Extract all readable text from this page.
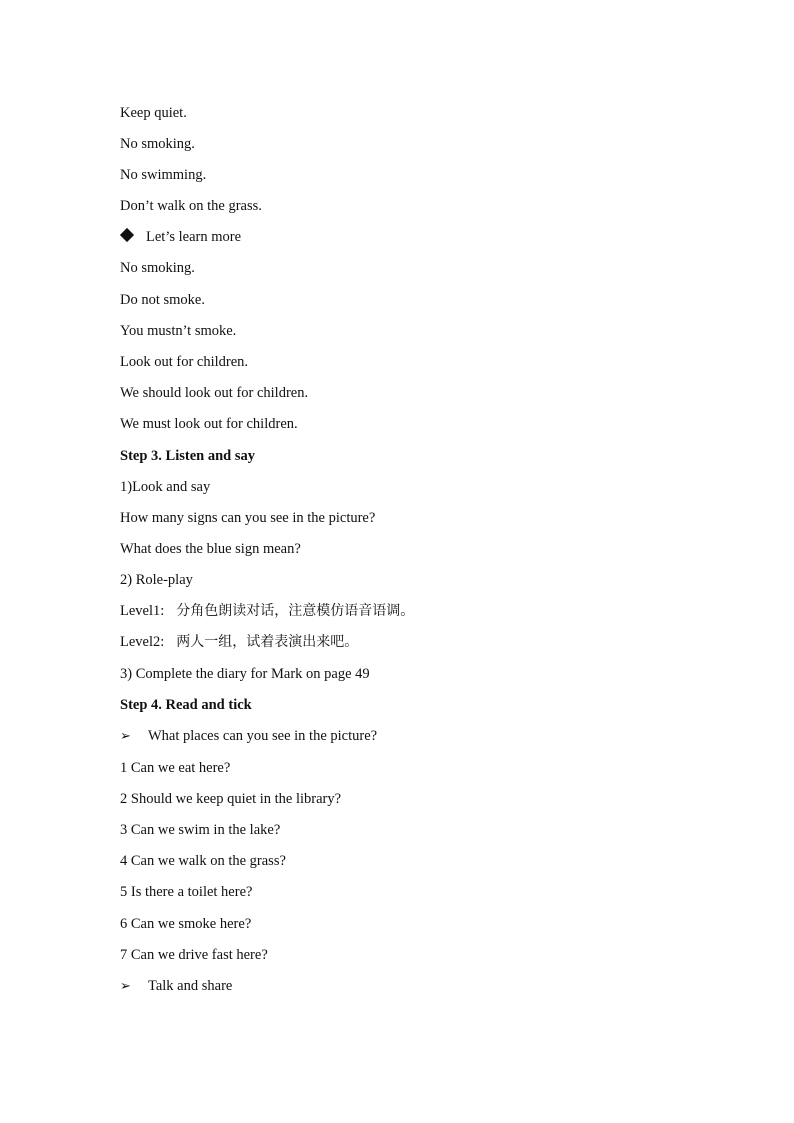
Keep quiet.
No smoking.
No swimming.
Don’t walk on the grass.
Let’s learn more
No smoking.
Do not smoke.
You mustn’t smoke.
Look out for children.
We should look out for children.
We must look out for children.
Step 3. Listen and say
1)Look and say
How many signs can you see in the picture?
What does the blue sign mean?
2) Role-play
Level1: 分角色朗读对话，注意模仿语音语调。
Level2: 两人一组，试着表演出来吧。
3) Complete the diary for Mark on page 49
Step 4. Read and tick
➢ What places can you see in the picture?
1 Can we eat here?
2 Should we keep quiet in the library?
3 Can we swim in the lake?
4 Can we walk on the grass?
5 Is there a toilet here?
6 Can we smoke here?
7 Can we drive fast here?
➢ Talk and share
